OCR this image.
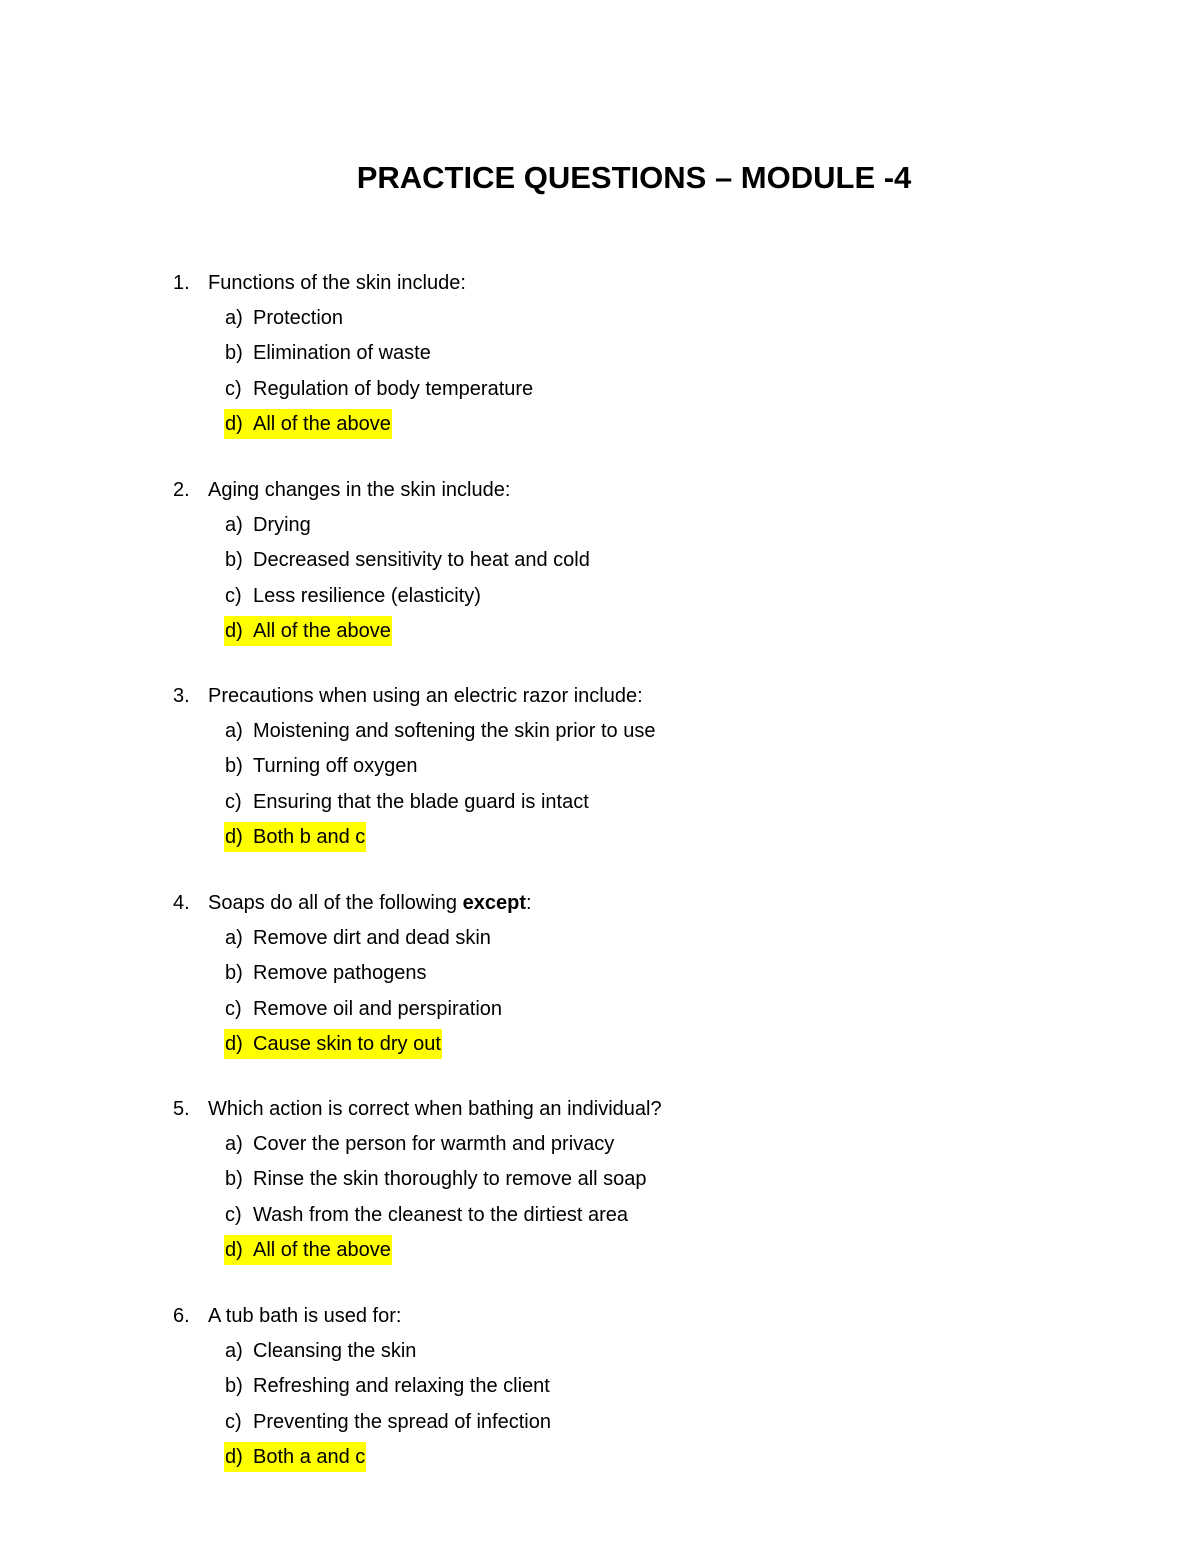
PRACTICE QUESTIONS – MODULE -4
1. Functions of the skin include:
a) Protection
b) Elimination of waste
c) Regulation of body temperature
d) All of the above
2. Aging changes in the skin include:
a) Drying
b) Decreased sensitivity to heat and cold
c) Less resilience (elasticity)
d) All of the above
3. Precautions when using an electric razor include:
a) Moistening and softening the skin prior to use
b) Turning off oxygen
c) Ensuring that the blade guard is intact
d) Both b and c
4. Soaps do all of the following except:
a) Remove dirt and dead skin
b) Remove pathogens
c) Remove oil and perspiration
d) Cause skin to dry out
5. Which action is correct when bathing an individual?
a) Cover the person for warmth and privacy
b) Rinse the skin thoroughly to remove all soap
c) Wash from the cleanest to the dirtiest area
d) All of the above
6. A tub bath is used for:
a) Cleansing the skin
b) Refreshing and relaxing the client
c) Preventing the spread of infection
d) Both a and c
